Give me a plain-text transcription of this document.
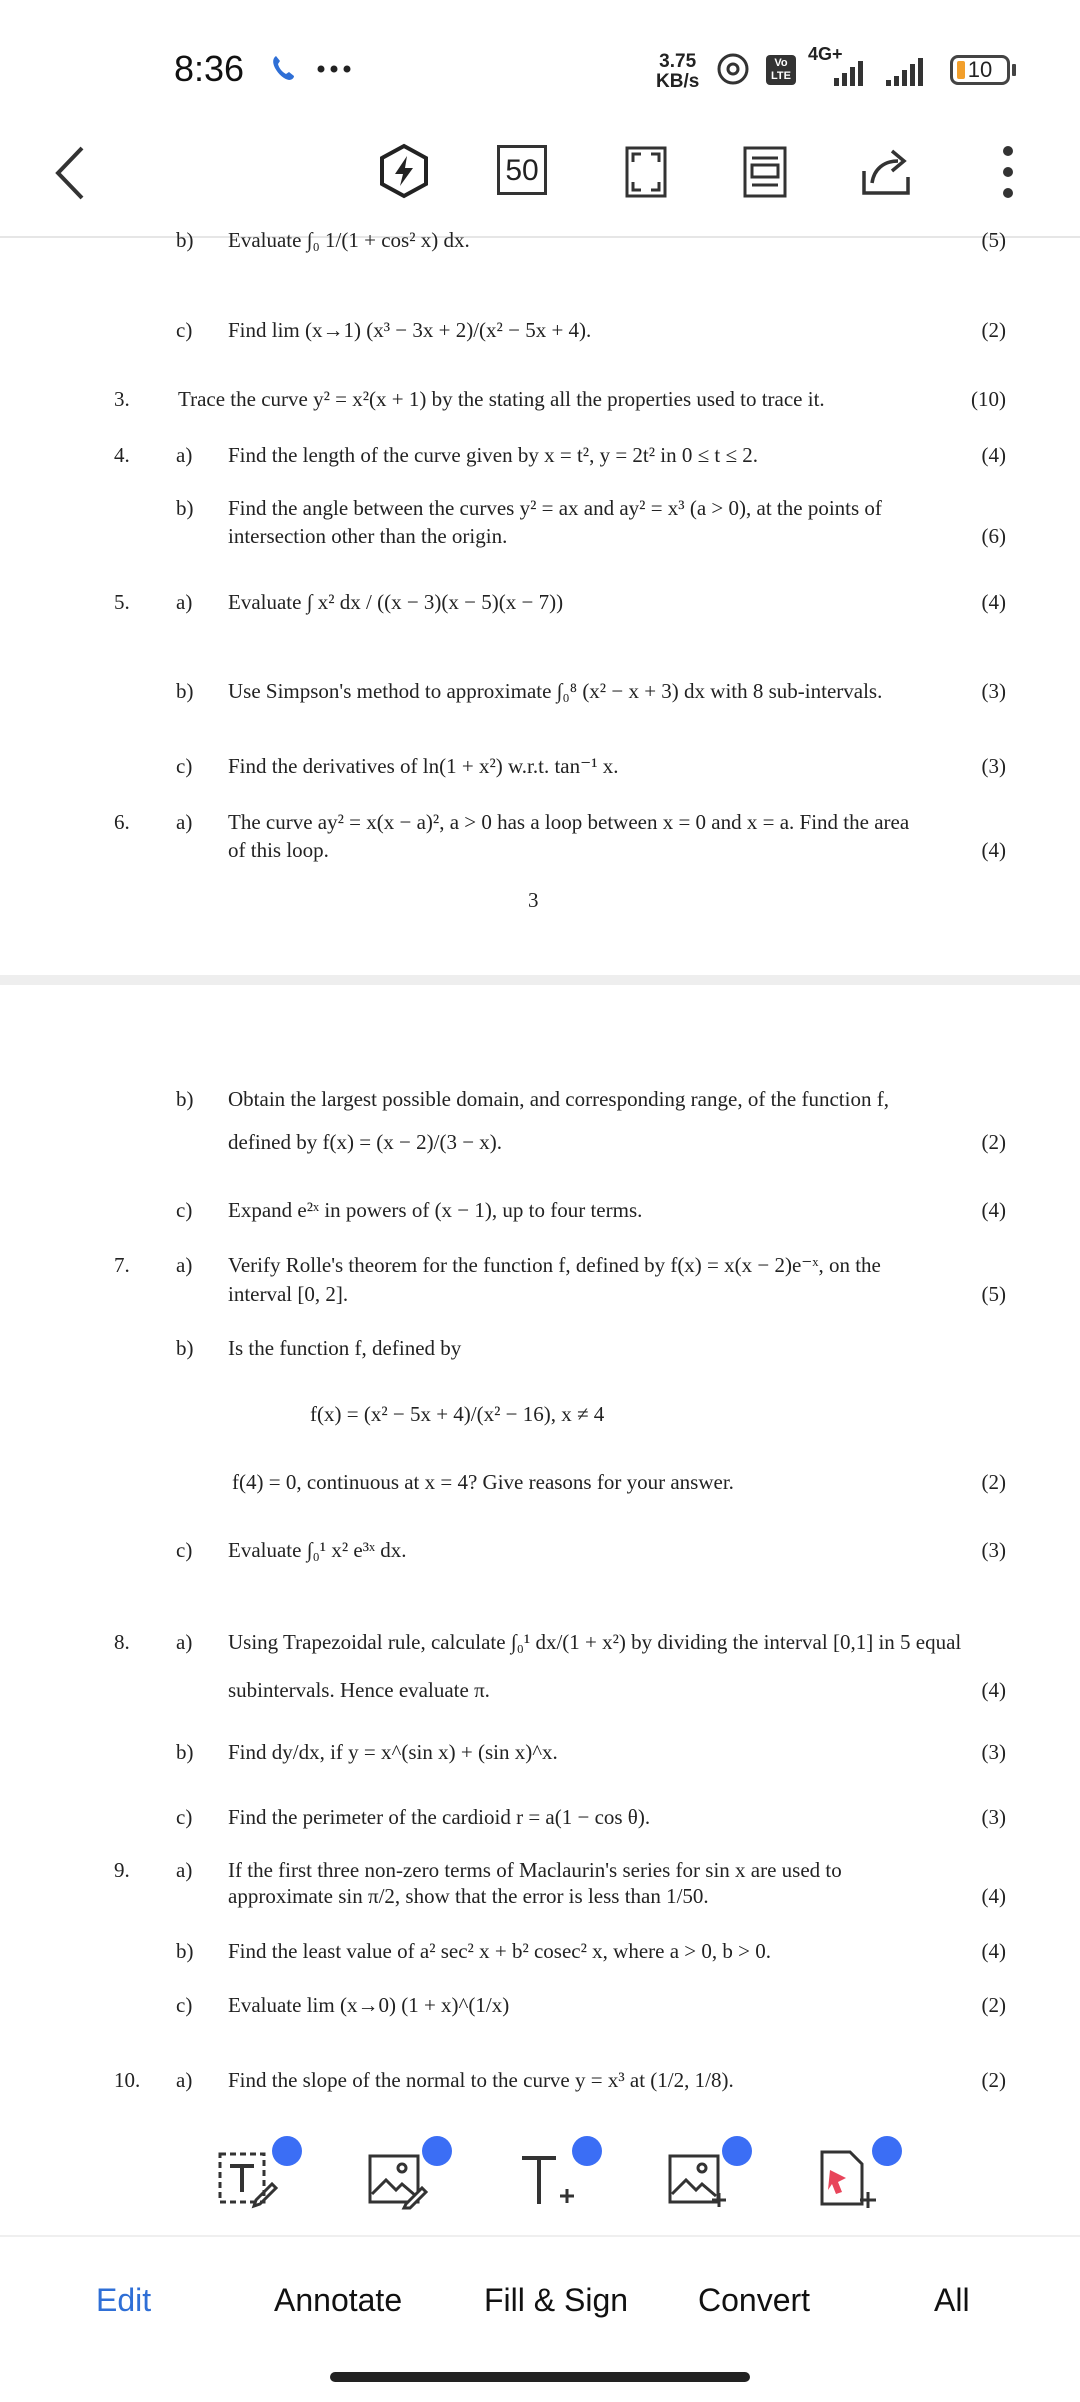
8:36	3.75
KB/s
Vo
LTE
4G+
10
50
b) Evaluate ∫₀ 1/(1 + cos² x) dx.	(5)
c) Find lim (x→1) (x³ − 3x + 2)/(x² − 5x + 4).	(2)
3. Trace the curve y² = x²(x + 1) by the stating all the properties used to trace it.	(10)
4. a) Find the length of the curve given by x = t², y = 2t² in 0 ≤ t ≤ 2.	(4)
b) Find the angle between the curves y² = ax and ay² = x³ (a > 0), at the points of
intersection other than the origin.	(6)
5. a) Evaluate ∫ x² dx / ((x − 3)(x − 5)(x − 7))	(4)
b) Use Simpson's method to approximate ∫₀⁸ (x² − x + 3) dx with 8 sub-intervals.	(3)
c) Find the derivatives of ln(1 + x²) w.r.t. tan⁻¹ x.	(3)
6. a) The curve ay² = x(x − a)², a > 0 has a loop between x = 0 and x = a. Find the area
of this loop.	(4)
3
b) Obtain the largest possible domain, and corresponding range, of the function f,
defined by f(x) = (x − 2)/(3 − x).	(2)
c) Expand e²ˣ in powers of (x − 1), up to four terms.	(4)
7. a) Verify Rolle's theorem for the function f, defined by f(x) = x(x − 2)e⁻ˣ, on the
interval [0, 2].	(5)
b) Is the function f, defined by
f(x) = (x² − 5x + 4)/(x² − 16), x ≠ 4
f(4) = 0, continuous at x = 4? Give reasons for your answer.	(2)
c) Evaluate ∫₀¹ x² e³ˣ dx.	(3)
8. a) Using Trapezoidal rule, calculate ∫₀¹ dx/(1 + x²) by dividing the interval [0,1] in 5 equal
subintervals. Hence evaluate π.	(4)
b) Find dy/dx, if y = x^(sin x) + (sin x)^x.	(3)
c) Find the perimeter of the cardioid r = a(1 − cos θ).	(3)
9. a) If the first three non-zero terms of Maclaurin's series for sin x are used to
approximate sin π/2, show that the error is less than 1/50.	(4)
b) Find the least value of a² sec² x + b² cosec² x, where a > 0, b > 0.	(4)
c) Evaluate lim (x→0) (1 + x)^(1/x)	(2)
10. a) Find the slope of the normal to the curve y = x³ at (1/2, 1/8).	(2)
Edit	Annotate	Fill & Sign Convert	All
